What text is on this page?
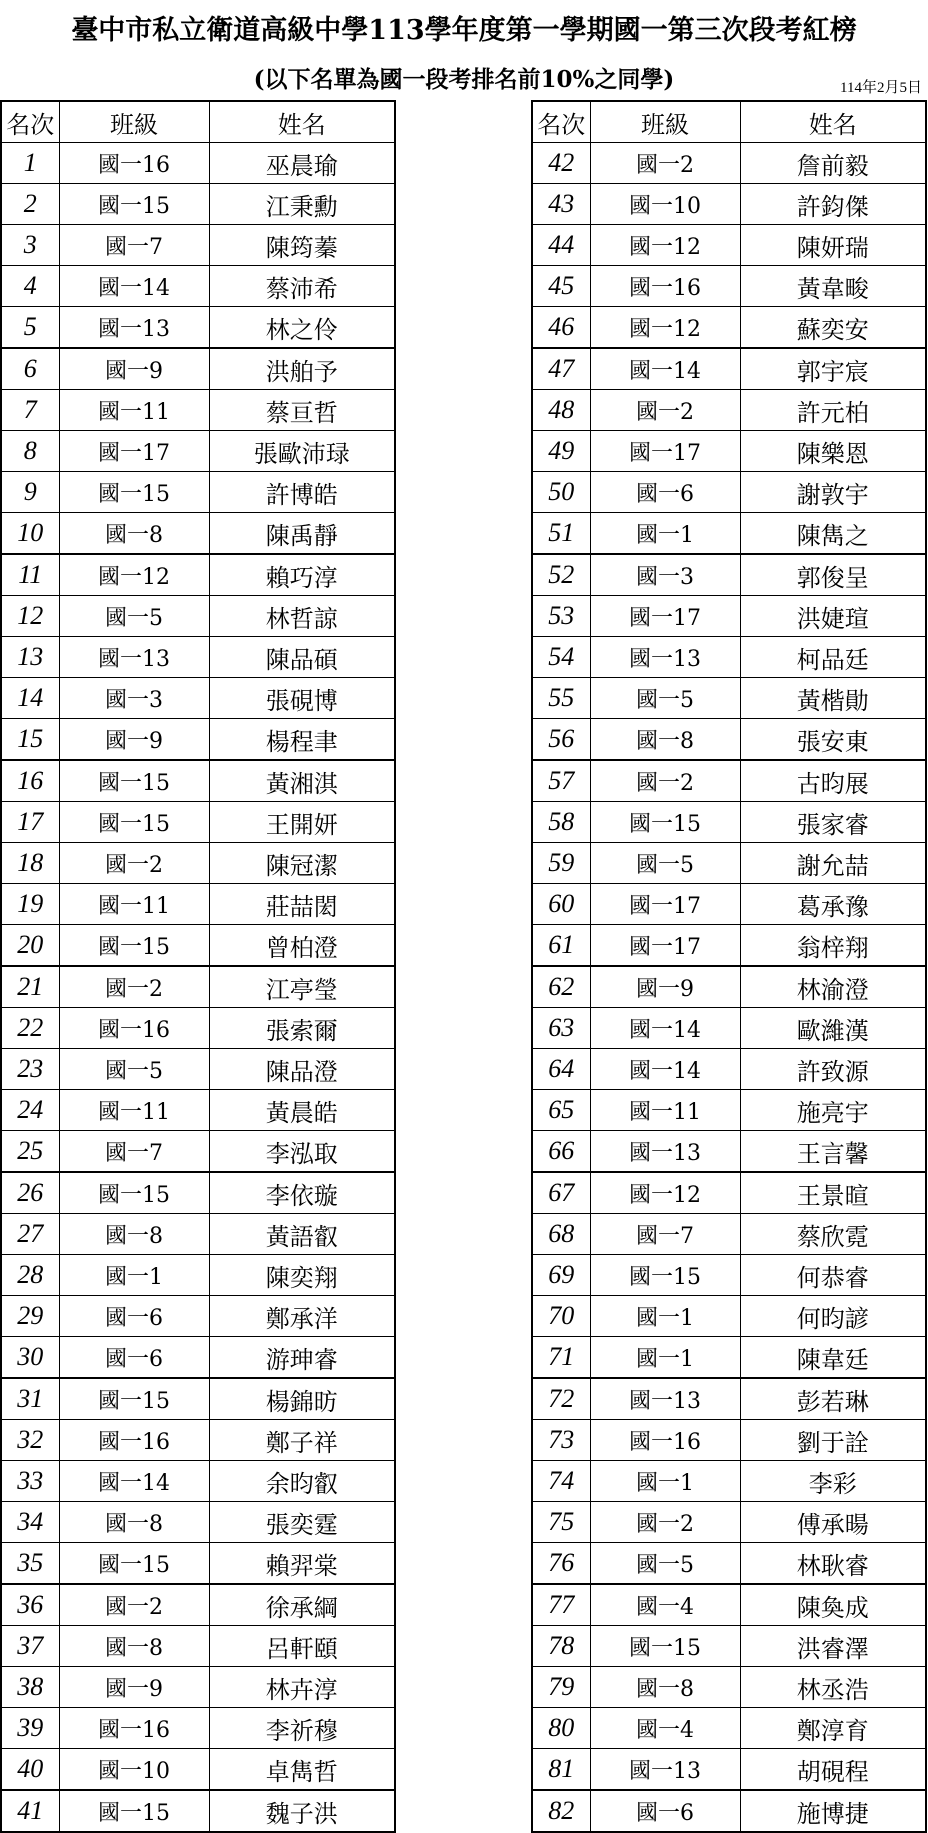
臺中市私立衛道高級中學113學年度第一學期國一第三次段考紅榜
(以下名單為國一段考排名前10%之同學)	114年2月5日
名次	班級	姓名
1	國一16	巫晨瑜
2	國一15	江秉勳
3	國一7	陳筠蓁
4	國一14	蔡沛希
5	國一13	林之伶
6	國一9	洪舶予
7	國一11	蔡亘哲
8	國一17	張歐沛琭
9	國一15	許博皓
10	國一8	陳禹靜
11	國一12	賴巧淳
12	國一5	林哲諒
13	國一13	陳品碩
14	國一3	張硯博
15	國一9	楊程聿
16	國一15	黃湘淇
17	國一15	王開妍
18	國一2	陳冠潔
19	國一11	莊喆閎
20	國一15	曾柏澄
21	國一2	江亭瑩
22	國一16	張索爾
23	國一5	陳品澄
24	國一11	黃晨皓
25	國一7	李泓取
26	國一15	李依璇
27	國一8	黃語叡
28	國一1	陳奕翔
29	國一6	鄭承洋
30	國一6	游珅睿
31	國一15	楊錦昉
32	國一16	鄭子祥
33	國一14	余昀叡
34	國一8	張奕霆
35	國一15	賴羿棠
36	國一2	徐承綱
37	國一8	呂軒頤
38	國一9	林卉淳
39	國一16	李祈穆
40	國一10	卓雋哲
41	國一15	魏子洪
名次	班級	姓名
42	國一2	詹前毅
43	國一10	許鈞傑
44	國一12	陳妍瑞
45	國一16	黃韋畯
46	國一12	蘇奕安
47	國一14	郭宇宸
48	國一2	許元柏
49	國一17	陳樂恩
50	國一6	謝敦宇
51	國一1	陳雋之
52	國一3	郭俊呈
53	國一17	洪婕瑄
54	國一13	柯品廷
55	國一5	黃楷勛
56	國一8	張安東
57	國一2	古昀展
58	國一15	張家睿
59	國一5	謝允喆
60	國一17	葛承豫
61	國一17	翁梓翔
62	國一9	林渝澄
63	國一14	歐濰漢
64	國一14	許致源
65	國一11	施亮宇
66	國一13	王言馨
67	國一12	王景暄
68	國一7	蔡欣霓
69	國一15	何恭睿
70	國一1	何昀諺
71	國一1	陳韋廷
72	國一13	彭若琳
73	國一16	劉于詮
74	國一1	李彩
75	國一2	傅承暘
76	國一5	林耿睿
77	國一4	陳奐成
78	國一15	洪睿澤
79	國一8	林丞浩
80	國一4	鄭淳育
81	國一13	胡硯程
82	國一6	施博捷
